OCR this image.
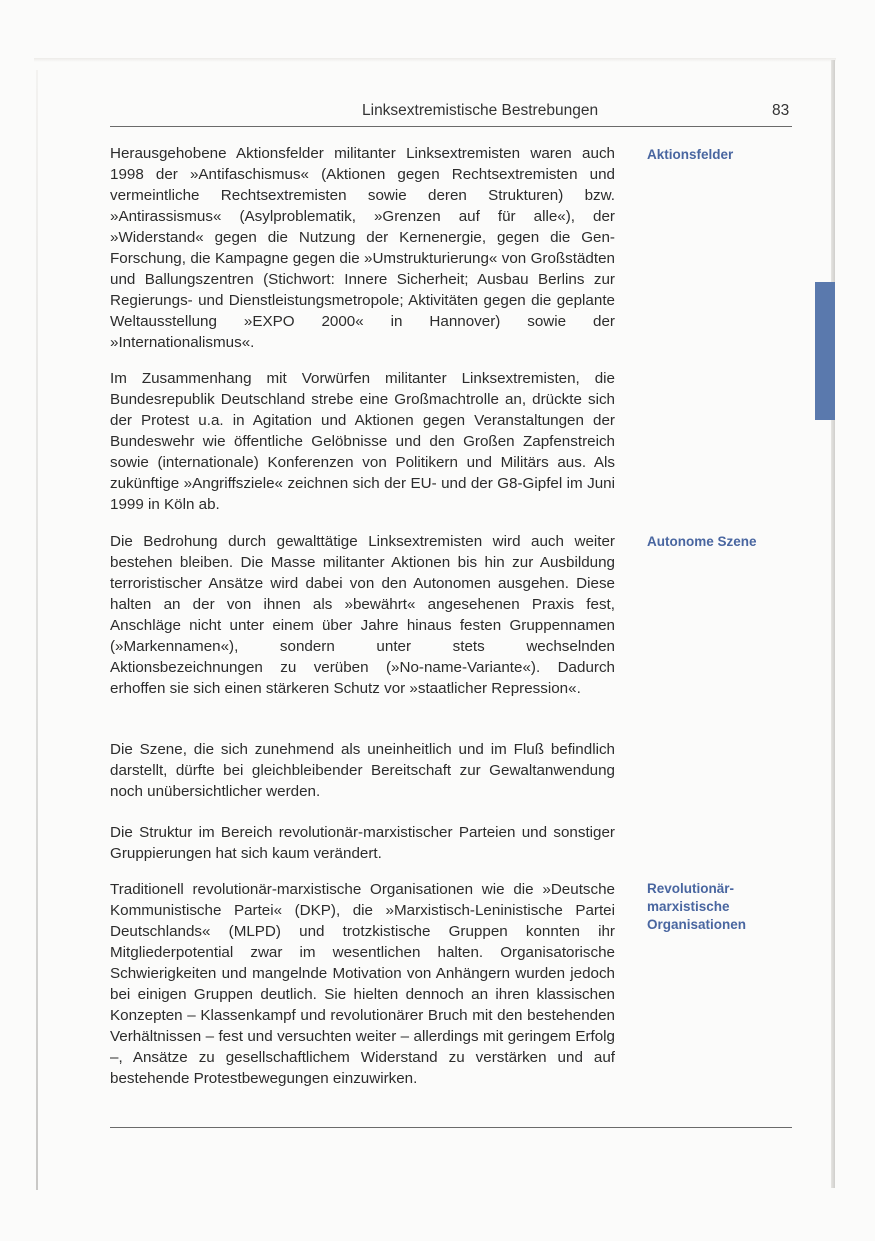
Linksextremistische Bestrebungen	83
Aktionsfelder
Autonome Szene
Revolutionär-
marxistische
Organisationen

Herausgehobene Aktionsfelder militanter Linksextremisten waren auch 1998 der »Antifaschismus« (Aktionen gegen Rechtsextremisten und vermeintliche Rechtsextremisten sowie deren Strukturen) bzw. »Antirassismus« (Asylproblematik, »Grenzen auf für alle«), der »Widerstand« gegen die Nutzung der Kernenergie, gegen die Gen-Forschung, die Kampagne gegen die »Umstrukturierung« von Großstädten und Ballungszentren (Stichwort: Innere Sicherheit; Ausbau Berlins zur Regierungs- und Dienstleistungsmetropole; Aktivitäten gegen die geplante Weltausstellung »EXPO 2000« in Hannover) sowie der »Internationalismus«.

Im Zusammenhang mit Vorwürfen militanter Linksextremisten, die Bundesrepublik Deutschland strebe eine Großmachtrolle an, drückte sich der Protest u.a. in Agitation und Aktionen gegen Veranstaltungen der Bundeswehr wie öffentliche Gelöbnisse und den Großen Zapfenstreich sowie (internationale) Konferenzen von Politikern und Militärs aus. Als zukünftige »Angriffsziele« zeichnen sich der EU- und der G8-Gipfel im Juni 1999 in Köln ab.

Die Bedrohung durch gewalttätige Linksextremisten wird auch weiter bestehen bleiben. Die Masse militanter Aktionen bis hin zur Ausbildung terroristischer Ansätze wird dabei von den Autonomen ausgehen. Diese halten an der von ihnen als »bewährt« angesehenen Praxis fest, Anschläge nicht unter einem über Jahre hinaus festen Gruppennamen (»Markennamen«), sondern unter stets wechselnden Aktionsbezeichnungen zu verüben (»No-name-Variante«). Dadurch erhoffen sie sich einen stärkeren Schutz vor »staatlicher Repression«.

Die Szene, die sich zunehmend als uneinheitlich und im Fluß befindlich darstellt, dürfte bei gleichbleibender Bereitschaft zur Gewaltanwendung noch unübersichtlicher werden.

Die Struktur im Bereich revolutionär-marxistischer Parteien und sonstiger Gruppierungen hat sich kaum verändert.

Traditionell revolutionär-marxistische Organisationen wie die »Deutsche Kommunistische Partei« (DKP), die »Marxistisch-Leninistische Partei Deutschlands« (MLPD) und trotzkistische Gruppen konnten ihr Mitgliederpotential zwar im wesentlichen halten. Organisatorische Schwierigkeiten und mangelnde Motivation von Anhängern wurden jedoch bei einigen Gruppen deutlich. Sie hielten dennoch an ihren klassischen Konzepten – Klassenkampf und revolutionärer Bruch mit den bestehenden Verhältnissen – fest und versuchten weiter – allerdings mit geringem Erfolg –, Ansätze zu gesellschaftlichem Widerstand zu verstärken und auf bestehende Protestbewegungen einzuwirken.
